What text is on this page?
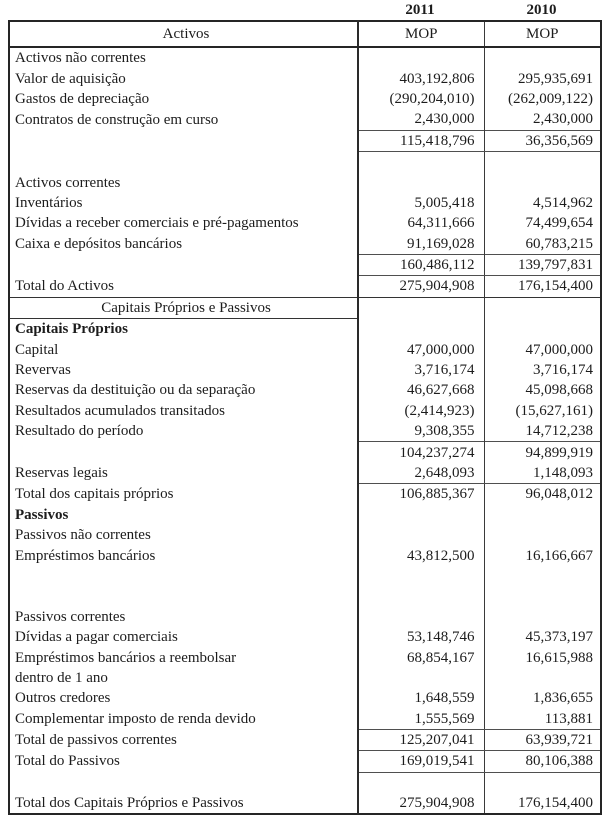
2011	2010
Activos	MOP	MOP
Activos não correntes		
Valor de aquisição	403,192,806	295,935,691
Gastos de depreciação	(290,204,010)	(262,009,122)
Contratos de construção em curso	2,430,000	2,430,000
	115,418,796	36,356,569

Activos correntes		
Inventários	5,005,418	4,514,962
Dívidas a receber comerciais e pré-pagamentos	64,311,666	74,499,654
Caixa e depósitos bancários	91,169,028	60,783,215
	160,486,112	139,797,831
Total do Activos	275,904,908	176,154,400
Capitais Próprios e Passivos		
Capitais Próprios		
Capital	47,000,000	47,000,000
Revervas	3,716,174	3,716,174
Reservas da destituição ou da separação	46,627,668	45,098,668
Resultados acumulados transitados	(2,414,923)	(15,627,161)
Resultado do período	9,308,355	14,712,238
	104,237,274	94,899,919
Reservas legais	2,648,093	1,148,093
Total dos capitais próprios	106,885,367	96,048,012
Passivos		
Passivos não correntes		
Empréstimos bancários	43,812,500	16,166,667

Passivos correntes		
Dívidas a pagar comerciais	53,148,746	45,373,197
Empréstimos bancários a reembolsar	68,854,167	16,615,988
dentro de 1 ano		
Outros credores	1,648,559	1,836,655
Complementar imposto de renda devido	1,555,569	113,881
Total de passivos correntes	125,207,041	63,939,721
Total do Passivos	169,019,541	80,106,388

Total dos Capitais Próprios e Passivos	275,904,908	176,154,400
